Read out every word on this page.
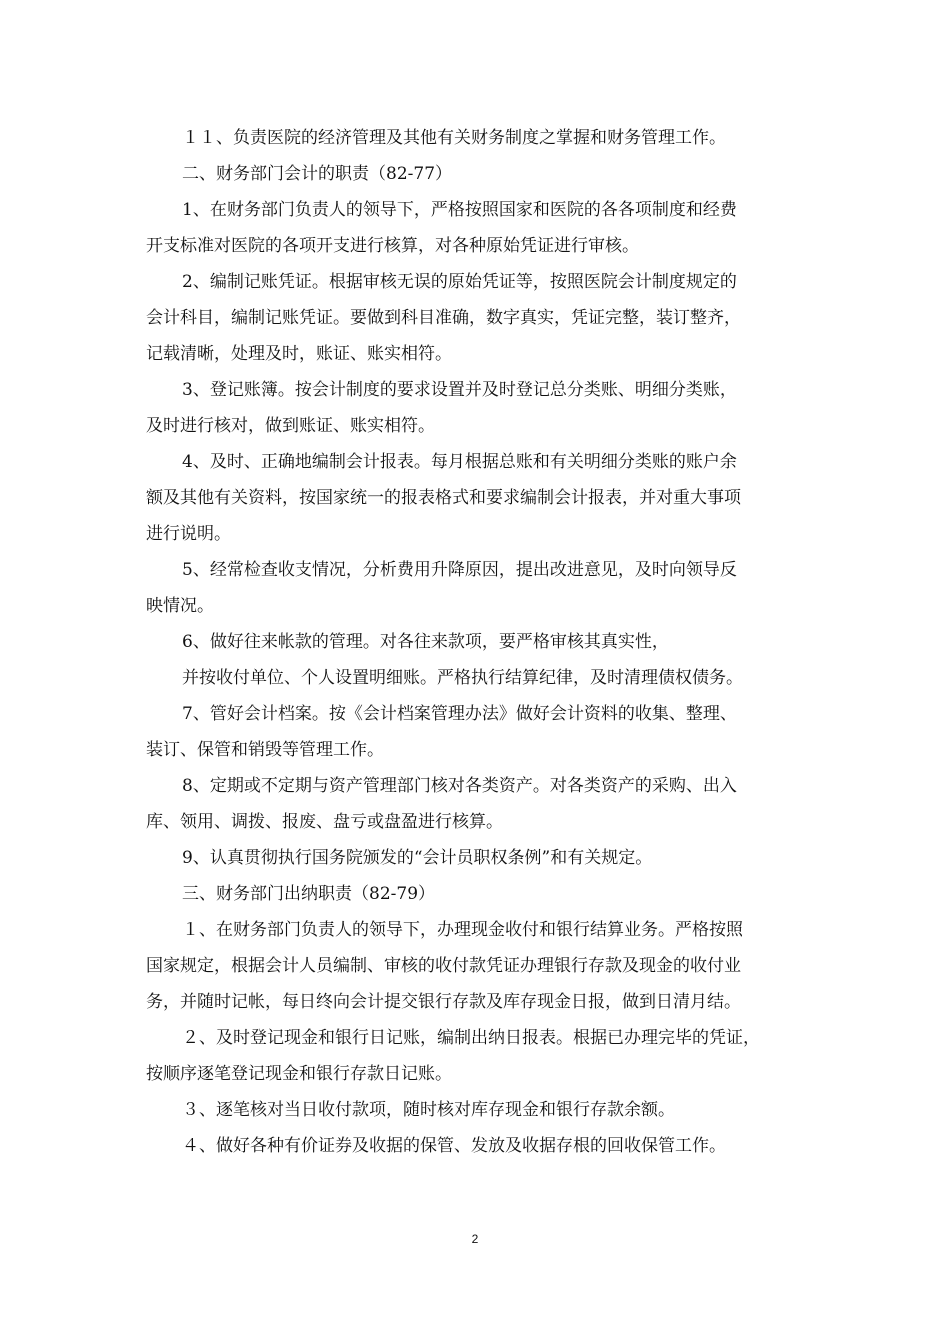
１１、负责医院的经济管理及其他有关财务制度之掌握和财务管理工作。
二、财务部门会计的职责（82-77）
1、在财务部门负责人的领导下，严格按照国家和医院的各各项制度和经费
开支标准对医院的各项开支进行核算，对各种原始凭证进行审核。
2、编制记账凭证。根据审核无误的原始凭证等，按照医院会计制度规定的
会计科目，编制记账凭证。要做到科目准确，数字真实，凭证完整，装订整齐，
记载清晰，处理及时，账证、账实相符。
3、登记账簿。按会计制度的要求设置并及时登记总分类账、明细分类账，
及时进行核对，做到账证、账实相符。
4、及时、正确地编制会计报表。每月根据总账和有关明细分类账的账户余
额及其他有关资料，按国家统一的报表格式和要求编制会计报表，并对重大事项
进行说明。
5、经常检查收支情况，分析费用升降原因，提出改进意见，及时向领导反
映情况。
6、做好往来帐款的管理。对各往来款项，要严格审核其真实性，
并按收付单位、个人设置明细账。严格执行结算纪律，及时清理债权债务。
7、管好会计档案。按《会计档案管理办法》做好会计资料的收集、整理、
装订、保管和销毁等管理工作。
8、定期或不定期与资产管理部门核对各类资产。对各类资产的采购、出入
库、领用、调拨、报废、盘亏或盘盈进行核算。
9、认真贯彻执行国务院颁发的“会计员职权条例”和有关规定。
三、财务部门出纳职责（82-79）
１、在财务部门负责人的领导下，办理现金收付和银行结算业务。严格按照
国家规定，根据会计人员编制、审核的收付款凭证办理银行存款及现金的收付业
务，并随时记帐，每日终向会计提交银行存款及库存现金日报，做到日清月结。
２、及时登记现金和银行日记账，编制出纳日报表。根据已办理完毕的凭证，
按顺序逐笔登记现金和银行存款日记账。
３、逐笔核对当日收付款项，随时核对库存现金和银行存款余额。
４、做好各种有价证券及收据的保管、发放及收据存根的回收保管工作。
2
